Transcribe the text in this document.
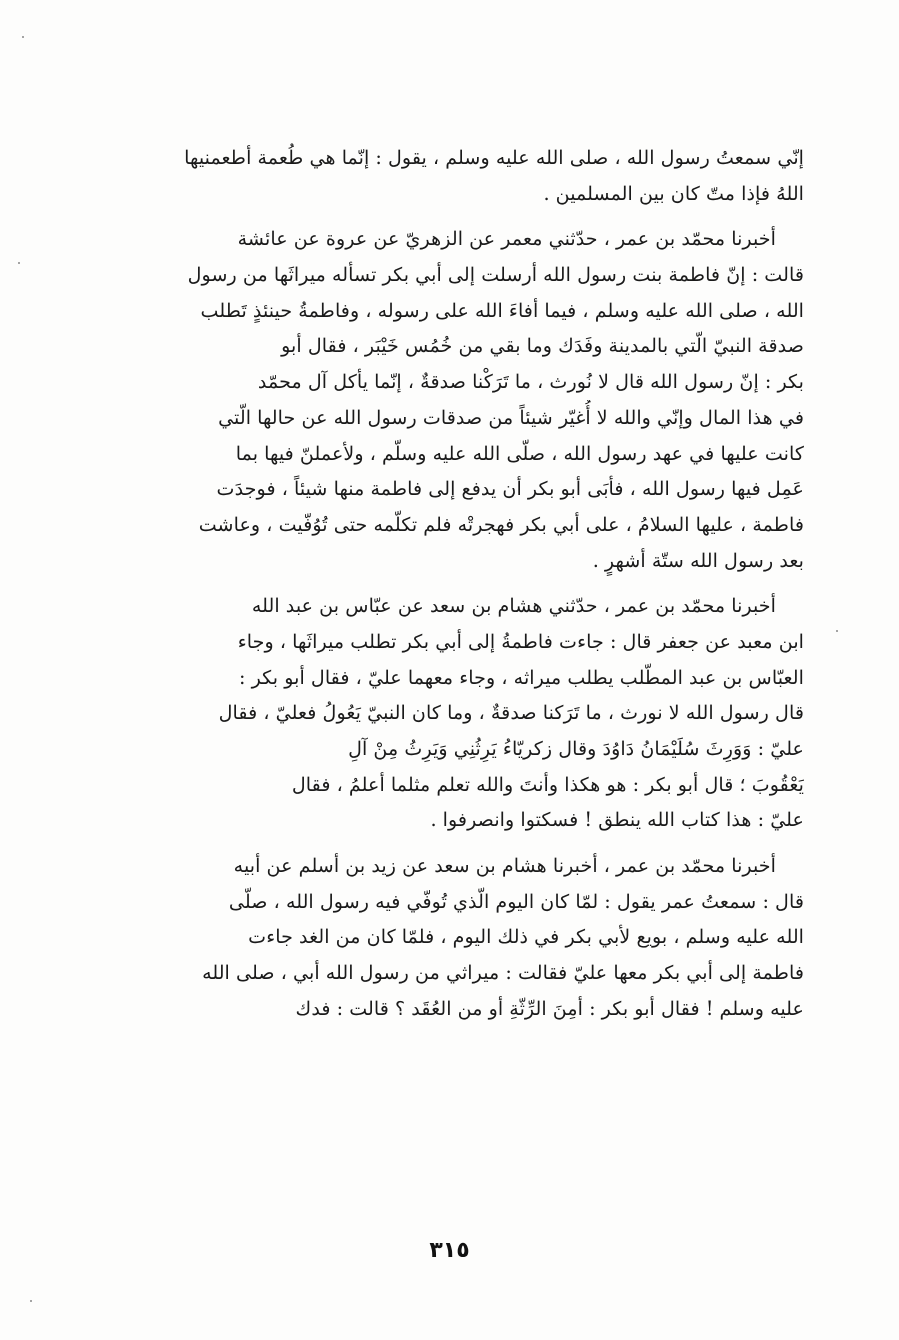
إنّي سمعتُ رسول الله ، صلى الله عليه وسلم ، يقول : إنّما هي طُعمة أطعمنيها
اللهُ فإذا متّ كان بين المسلمين .
أخبرنا محمّد بن عمر ، حدّثني معمر عن الزهريّ عن عروة عن عائشة
قالت : إنّ فاطمة بنت رسول الله أرسلت إلى أبي بكر تسأله ميراثَها من رسول
الله ، صلى الله عليه وسلم ، فيما أفاءَ الله على رسوله ، وفاطمةُ حينئذٍ تَطلب
صدقة النبيّ الّتي بالمدينة وفَدَك وما بقي من خُمُس خَيْبَر ، فقال أبو
بكر : إنّ رسول الله قال لا نُورث ، ما تَرَكْنا صدقةٌ ، إنّما يأكل آل محمّد
في هذا المال وإنّي والله لا أُغيّر شيئاً من صدقات رسول الله عن حالها الّتي
كانت عليها في عهد رسول الله ، صلّى الله عليه وسلّم ، ولأعملنّ فيها بما
عَمِل فيها رسول الله ، فأبَى أبو بكر أن يدفع إلى فاطمة منها شيئاً ، فوجدَت
فاطمة ، عليها السلامُ ، على أبي بكر فهجرتْه فلم تكلّمه حتى تُوُفّيت ، وعاشت
بعد رسول الله ستّة أشهرٍ .
أخبرنا محمّد بن عمر ، حدّثني هشام بن سعد عن عبّاس بن عبد الله
ابن معبد عن جعفر قال : جاءت فاطمةُ إلى أبي بكر تطلب ميراثَها ، وجاء
العبّاس بن عبد المطّلب يطلب ميراثه ، وجاء معهما عليّ ، فقال أبو بكر :
قال رسول الله لا نورث ، ما تَرَكنا صدقةٌ ، وما كان النبيّ يَعُولُ فعليّ ، فقال
عليّ : وَوَرِثَ سُلَيْمَانُ دَاوُدَ وقال زكريّاءُ يَرِثُنِي وَيَرِثُ مِنْ آلِ
يَعْقُوبَ ؛ قال أبو بكر : هو هكذا وأنتَ والله تعلم مثلما أعلمُ ، فقال
عليّ : هذا كتاب الله ينطق ! فسكتوا وانصرفوا .
أخبرنا محمّد بن عمر ، أخبرنا هشام بن سعد عن زيد بن أسلم عن أبيه
قال : سمعتُ عمر يقول : لمّا كان اليوم الّذي تُوفّي فيه رسول الله ، صلّى
الله عليه وسلم ، بويع لأبي بكر في ذلك اليوم ، فلمّا كان من الغد جاءت
فاطمة إلى أبي بكر معها عليّ فقالت : ميراثي من رسول الله أبي ، صلى الله
عليه وسلم ! فقال أبو بكر : أمِنَ الرِّثّةِ أو من العُقَد ؟ قالت : فدك
٣١٥
